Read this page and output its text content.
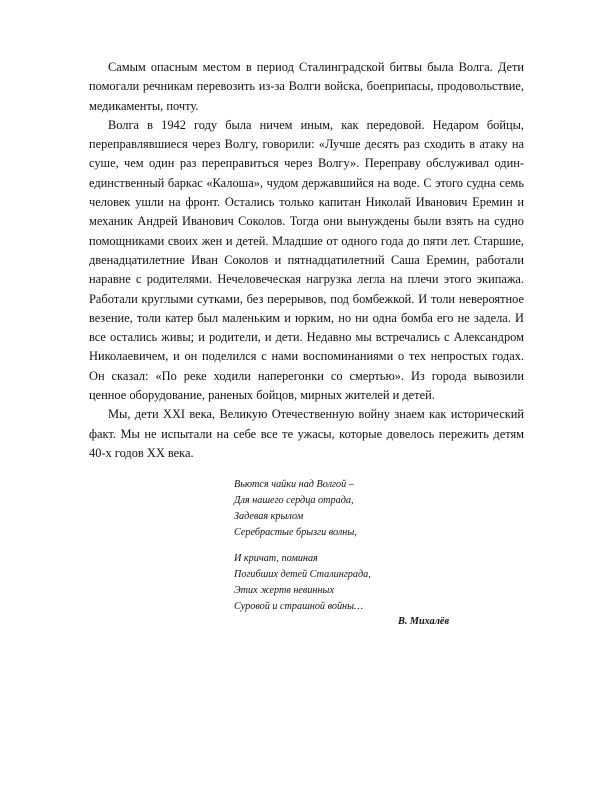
Самым опасным местом в период Сталинградской битвы была Волга. Дети помогали речникам перевозить из-за Волги войска, боеприпасы, продовольствие, медикаменты, почту.

Волга в 1942 году была ничем иным, как передовой. Недаром бойцы, переправлявшиеся через Волгу, говорили: «Лучше десять раз сходить в атаку на суше, чем один раз переправиться через Волгу». Переправу обслуживал один-единственный баркас «Калоша», чудом державшийся на воде. С этого судна семь человек ушли на фронт. Остались только капитан Николай Иванович Еремин и механик Андрей Иванович Соколов. Тогда они вынуждены были взять на судно помощниками своих жен и детей. Младшие от одного года до пяти лет. Старшие, двенадцатилетние Иван Соколов и пятнадцатилетний Саша Еремин, работали наравне с родителями. Нечеловеческая нагрузка легла на плечи этого экипажа. Работали круглыми сутками, без перерывов, под бомбежкой. И толи невероятное везение, толи катер был маленьким и юрким, но ни одна бомба его не задела. И все остались живы; и родители, и дети. Недавно мы встречались с Александром Николаевичем, и он поделился с нами воспоминаниями о тех непростых годах. Он сказал: «По реке ходили наперегонки со смертью». Из города вывозили ценное оборудование, раненых бойцов, мирных жителей и детей.

Мы, дети XXI века, Великую Отечественную войну знаем как исторический факт. Мы не испытали на себе все те ужасы, которые довелось пережить детям 40-х годов XX века.

Вьются чайки над Волгой –
Для нашего сердца отрада,
Задевая крылом
Серебрастые брызги волны,
И кричат, поминая
Погибших детей Сталинграда,
Этих жертв невинных
Суровой и страшной войны…
В. Михалёв
